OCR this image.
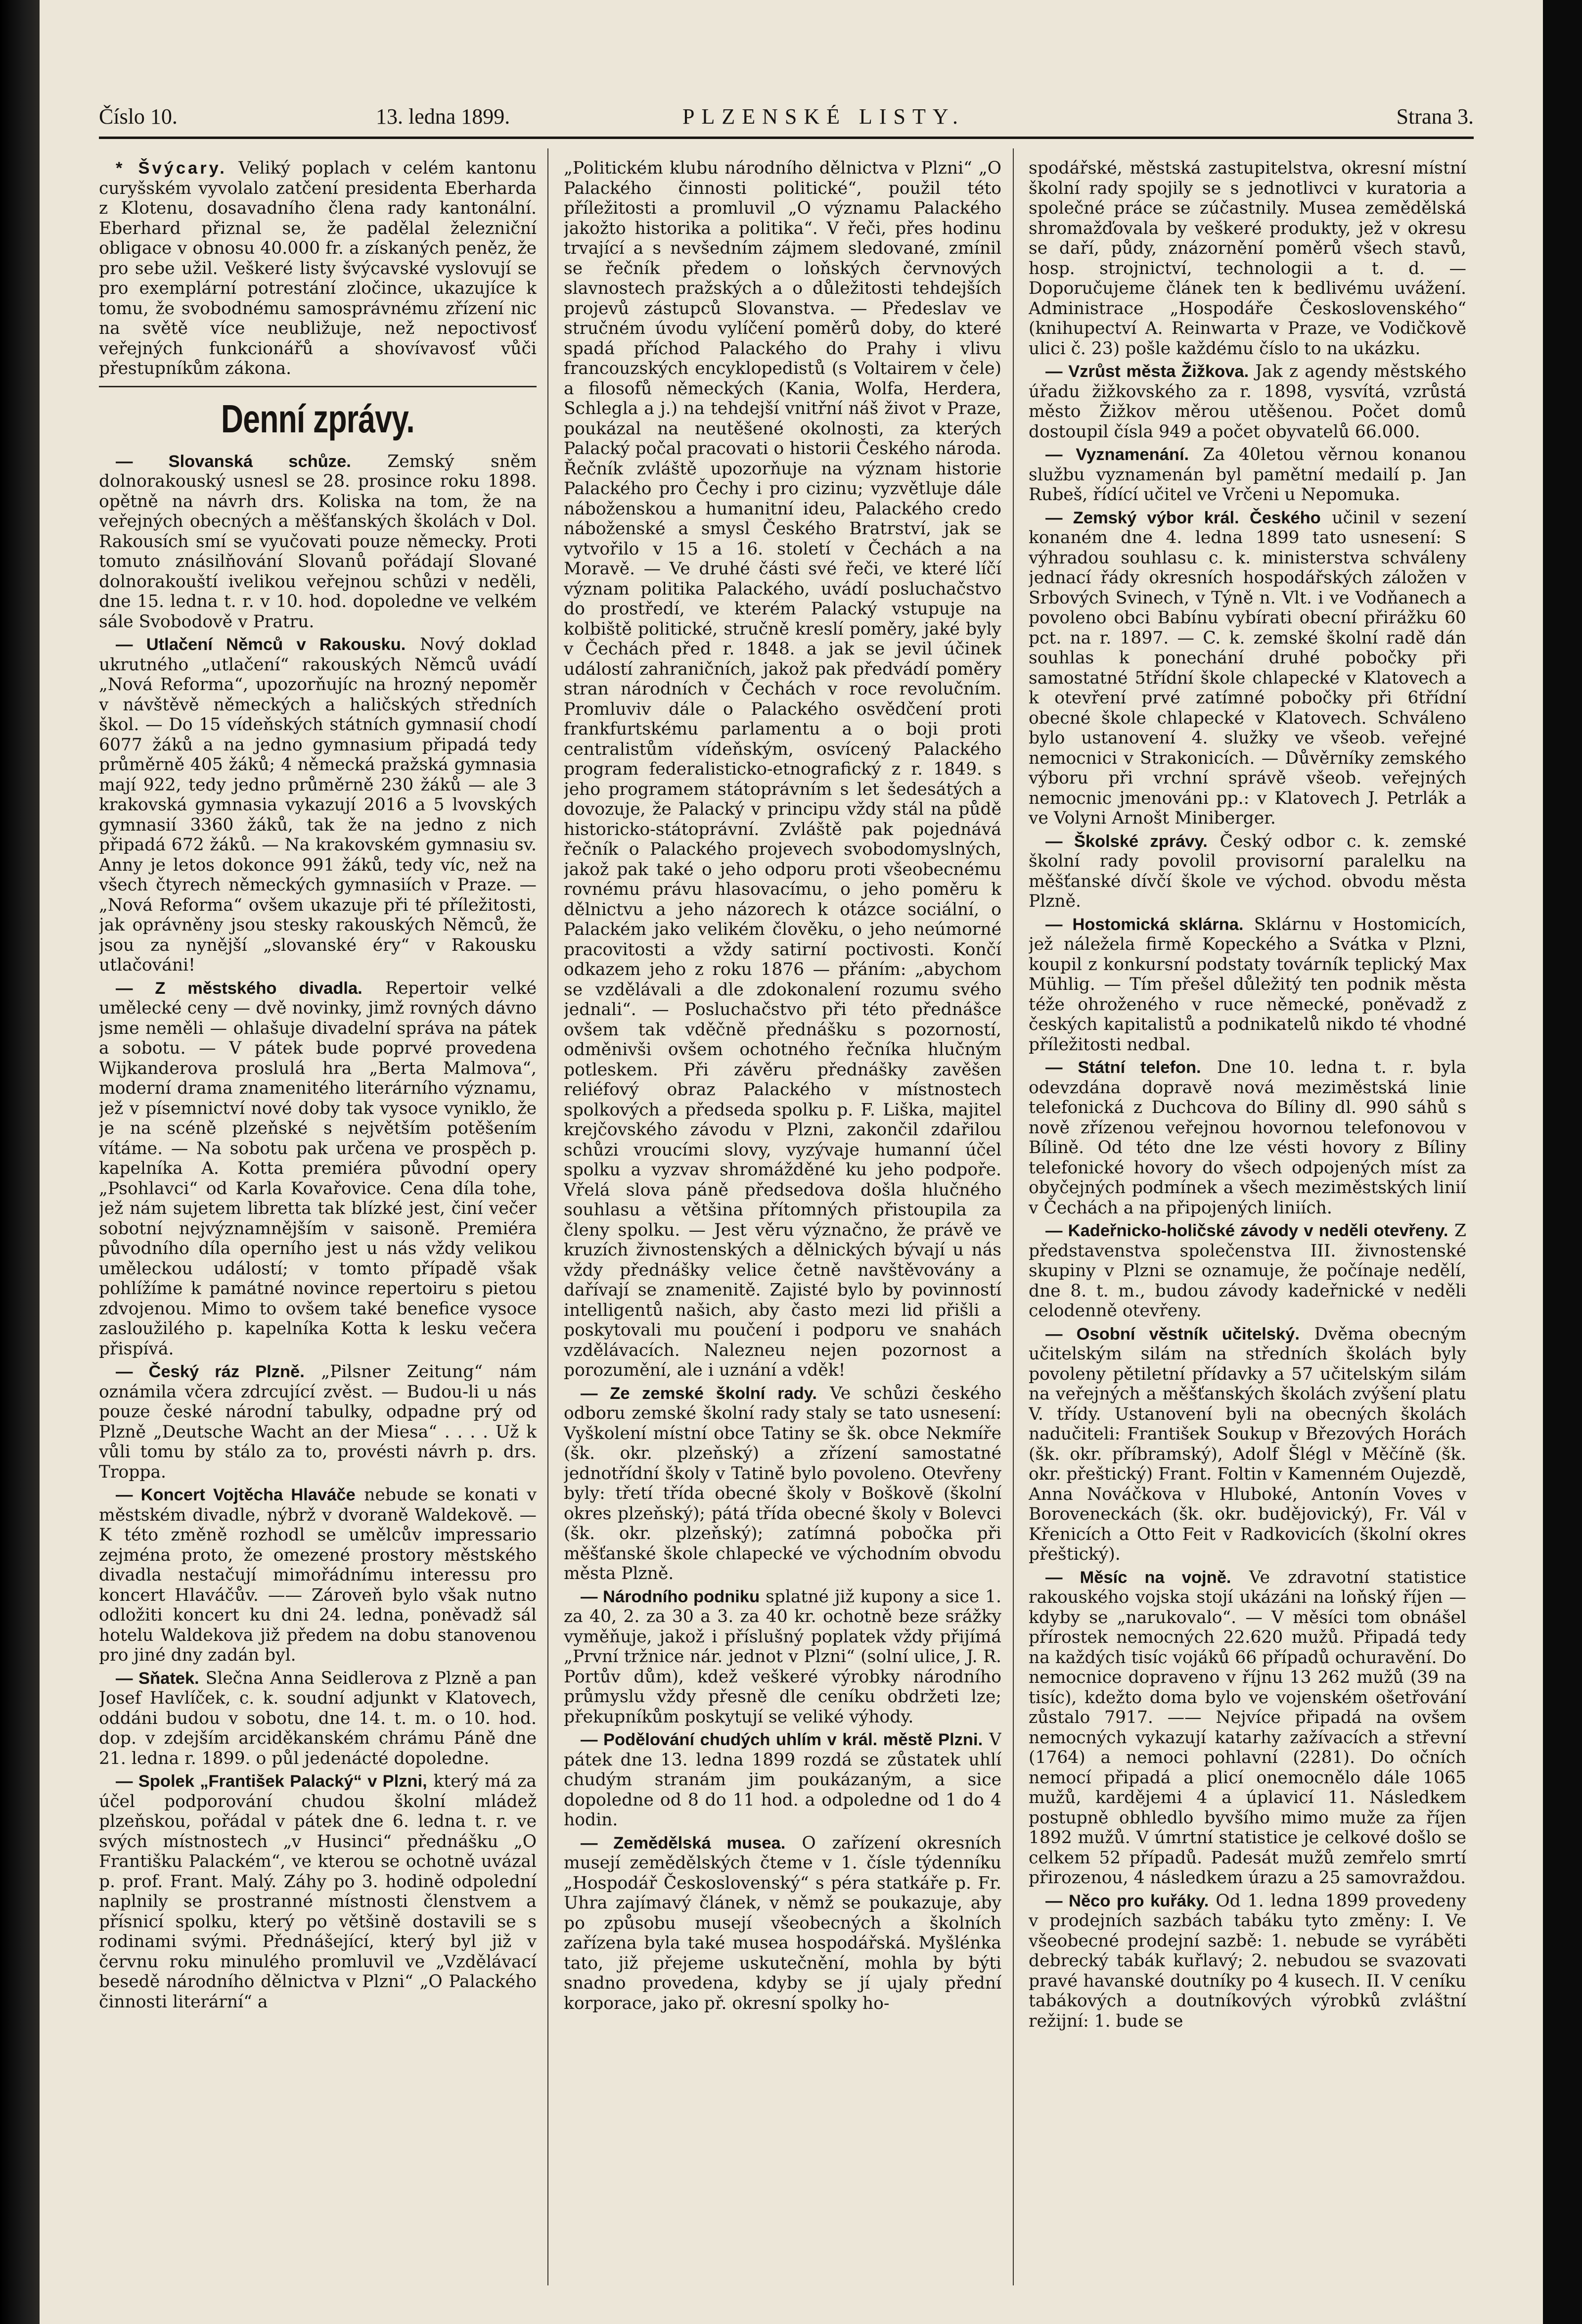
Číslo 10.	13. ledna 1899.	PLZENSKÉ LISTY.	Strana 3.

* Švýcary. Veliký poplach v celém kantonu curyšském vyvolalo zatčení presidenta Eberharda z Klotenu, dosavadního člena rady kantonální. Eberhard přiznal se, že padělal železniční obligace v obnosu 40.000 fr. a získaných peněz, že pro sebe užil. Veškeré listy švýcavské vyslovují se pro exemplární potrestání zločince, ukazujíce k tomu, že svobodnému samosprávnému zřízení nic na světě více neubližuje, než nepoctivosť veřejných funkcionářů a shovívavosť vůči přestupníkům zákona.

Denní zprávy.

— Slovanská schůze. Zemský sněm dolnorakouský usnesl se 28. prosince roku 1898. opětně na návrh drs. Koliska na tom, že na veřejných obecných a měšťanských školách v Dol. Rakousích smí se vyučovati pouze německy. Proti tomuto znásilňování Slovanů pořádají Slované dolnorakouští ivelikou veřejnou schůzi v neděli, dne 15. ledna t. r. v 10. hod. dopoledne ve velkém sále Svobodově v Pratru.

— Utlačení Němců v Rakousku. Nový doklad ukrutného „utlačení“ rakouských Němců uvádí „Nová Reforma“, upozorňujíc na hrozný nepoměr v návštěvě německých a haličských středních škol. — Do 15 vídeňských státních gymnasií chodí 6077 žáků a na jedno gymnasium připadá tedy průměrně 405 žáků; 4 německá pražská gymnasia mají 922, tedy jedno průměrně 230 žáků — ale 3 krakovská gymnasia vykazují 2016 a 5 lvovských gymnasií 3360 žáků, tak že na jedno z nich připadá 672 žáků. — Na krakovském gymnasiu sv. Anny je letos dokonce 991 žáků, tedy víc, než na všech čtyrech německých gymnasiích v Praze. — „Nová Reforma“ ovšem ukazuje při té příležitosti, jak oprávněny jsou stesky rakouských Němců, že jsou za nynější „slovanské éry“ v Rakousku utlačováni!

— Z městského divadla. Repertoir velké umělecké ceny — dvě novinky, jimž rovných dávno jsme neměli — ohlašuje divadelní správa na pátek a sobotu. — V pátek bude poprvé provedena Wijkanderova proslulá hra „Berta Malmova“, moderní drama znamenitého literárního významu, jež v písemnictví nové doby tak vysoce vyniklo, že je na scéně plzeňské s největším potěšením vítáme. — Na sobotu pak určena ve prospěch p. kapelníka A. Kotta premiéra původní opery „Psohlavci“ od Karla Kovařovice. Cena díla tohe, jež nám sujetem libretta tak blízké jest, činí večer sobotní nejvýznamnějším v saisoně. Premiéra původního díla operního jest u nás vždy velikou uměleckou událostí; v tomto případě však pohlížíme k památné novince repertoiru s pietou zdvojenou. Mimo to ovšem také benefice vysoce zasloužilého p. kapelníka Kotta k lesku večera přispívá.

— Český ráz Plzně. „Pilsner Zeitung“ nám oznámila včera zdrcující zvěst. — Budou-li u nás pouze české národní tabulky, odpadne prý od Plzně „Deutsche Wacht an der Miesa“ . . . . Už k vůli tomu by stálo za to, provésti návrh p. drs. Troppa.

— Koncert Vojtěcha Hlaváče nebude se konati v městském divadle, nýbrž v dvoraně Waldekově. — K této změně rozhodl se umělcův impressario zejména proto, že omezené prostory městského divadla nestačují mimořádnímu interessu pro koncert Hlaváčův. —— Zároveň bylo však nutno odložiti koncert ku dni 24. ledna, poněvadž sál hotelu Waldekova již předem na dobu stanovenou pro jiné dny zadán byl.

— Sňatek. Slečna Anna Seidlerova z Plzně a pan Josef Havlíček, c. k. soudní adjunkt v Klatovech, oddáni budou v sobotu, dne 14. t. m. o 10. hod. dop. v zdejším arciděkanském chrámu Páně dne 21. ledna r. 1899. o půl jedenácté dopoledne.

— Spolek „František Palacký“ v Plzni, který má za účel podporování chudou školní mládež plzeňskou, pořádal v pátek dne 6. ledna t. r. ve svých místnostech „v Husinci“ přednášku „O Františku Palackém“, ve kterou se ochotně uvázal p. prof. Frant. Malý. Záhy po 3. hodině odpolední naplnily se prostranné místnosti členstvem a přísnicí spolku, který po většině dostavili se s rodinami svými. Přednášející, který byl již v červnu roku minulého promluvil ve „Vzdělávací besedě národního dělnictva v Plzni“ „O Palackého činnosti literární“ a

„Politickém klubu národního dělnictva v Plzni“ „O Palackého činnosti politické“, použil této příležitosti a promluvil „O významu Palackého jakožto historika a politika“. V řeči, přes hodinu trvající a s nevšedním zájmem sledované, zmínil se řečník předem o loňských červnových slavnostech pražských a o důležitosti tehdejších projevů zástupců Slovanstva. — Předeslav ve stručném úvodu vylíčení poměrů doby, do které spadá příchod Palackého do Prahy i vlivu francouzských encyklopedistů (s Voltairem v čele) a filosofů německých (Kania, Wolfa, Herdera, Schlegla a j.) na tehdejší vnitřní náš život v Praze, poukázal na neutěšené okolnosti, za kterých Palacký počal pracovati o historii Českého národa. Řečník zvláště upozorňuje na význam historie Palackého pro Čechy i pro cizinu; vyzvětluje dále náboženskou a humanitní ideu, Palackého credo náboženské a smysl Českého Bratrství, jak se vytvořilo v 15 a 16. století v Čechách a na Moravě. — Ve druhé části své řeči, ve které líčí význam politika Palackého, uvádí posluchačstvo do prostředí, ve kterém Palacký vstupuje na kolbiště politické, stručně kreslí poměry, jaké byly v Čechách před r. 1848. a jak se jevil účinek událostí zahraničních, jakož pak předvádí poměry stran národních v Čechách v roce revolučním. Promluviv dále o Palackého osvědčení proti frankfurtskému parlamentu a o boji proti centralistům vídeňským, osvícený Palackého program federalisticko-etnografický z r. 1849. s jeho programem státoprávním s let šedesátých a dovozuje, že Palacký v principu vždy stál na půdě historicko-státoprávní. Zvláště pak pojednává řečník o Palackého projevech svobodomyslných, jakož pak také o jeho odporu proti všeobecnému rovnému právu hlasovacímu, o jeho poměru k dělnictvu a jeho názorech k otázce sociální, o Palackém jako velikém člověku, o jeho neúmorné pracovitosti a vždy satirní poctivosti. Končí odkazem jeho z roku 1876 — přáním: „abychom se vzdělávali a dle zdokonalení rozumu svého jednali“. — Posluchačstvo při této přednášce ovšem tak vděčně přednášku s pozorností, odměnivši ovšem ochotného řečníka hlučným potleskem. Při závěru přednášky zavěšen reliéfový obraz Palackého v místnostech spolkových a předseda spolku p. F. Liška, majitel krejčovského závodu v Plzni, zakončil zdařilou schůzi vroucími slovy, vyzývaje humanní účel spolku a vyzvav shromážděné ku jeho podpoře. Vřelá slova páně předsedova došla hlučného souhlasu a většina přítomných přistoupila za členy spolku. — Jest věru význačno, že právě ve kruzích živnostenských a dělnických bývají u nás vždy přednášky velice četně navštěvovány a dařívají se znamenitě. Zajisté bylo by povinností intelligentů našich, aby často mezi lid přišli a poskytovali mu poučení i podporu ve snahách vzdělávacích. Nalezneu nejen pozornost a porozumění, ale i uznání a vděk!

— Ze zemské školní rady. Ve schůzi českého odboru zemské školní rady staly se tato usnesení: Vyškolení místní obce Tatiny se šk. obce Nekmíře (šk. okr. plzeňský) a zřízení samostatné jednotřídní školy v Tatině bylo povoleno. Otevřeny byly: třetí třída obecné školy v Boškově (školní okres plzeňský); pátá třída obecné školy v Bolevci (šk. okr. plzeňský); zatímná pobočka při měšťanské škole chlapecké ve východním obvodu města Plzně.

— Národního podniku splatné již kupony a sice 1. za 40, 2. za 30 a 3. za 40 kr. ochotně beze srážky vyměňuje, jakož i příslušný poplatek vždy přijímá „První tržnice nár. jednot v Plzni“ (solní ulice, J. R. Portův dům), kdež veškeré výrobky národního průmyslu vždy přesně dle ceníku obdržeti lze; překupníkům poskytují se veliké výhody.

— Podělování chudých uhlím v král. městě Plzni. V pátek dne 13. ledna 1899 rozdá se zůstatek uhlí chudým stranám jim poukázaným, a sice dopoledne od 8 do 11 hod. a odpoledne od 1 do 4 hodin.

— Zemědělská musea. O zařízení okresních musejí zemědělských čteme v 1. čísle týdenníku „Hospodář Československý“ s péra statkáře p. Fr. Uhra zajímavý článek, v němž se poukazuje, aby po způsobu musejí všeobecných a školních zařízena byla také musea hospodářská. Myšlénka tato, již přejeme uskutečnění, mohla by býti snadno provedena, kdyby se jí ujaly přední korporace, jako př. okresní spolky ho-

spodářské, městská zastupitelstva, okresní místní školní rady spojily se s jednotlivci v kuratoria a společné práce se zúčastnily. Musea zemědělská shromažďovala by veškeré produkty, jež v okresu se daří, půdy, znázornění poměrů všech stavů, hosp. strojnictví, technologii a t. d. — Doporučujeme článek ten k bedlivému uvážení. Administrace „Hospodáře Československého“ (knihupectví A. Reinwarta v Praze, ve Vodičkově ulici č. 23) pošle každému číslo to na ukázku.

— Vzrůst města Žižkova. Jak z agendy městského úřadu žižkovského za r. 1898, vysvítá, vzrůstá město Žižkov měrou utěšenou. Počet domů dostoupil čísla 949 a počet obyvatelů 66.000.

— Vyznamenání. Za 40letou věrnou konanou službu vyznamenán byl pamětní medailí p. Jan Rubeš, řídící učitel ve Vrčeni u Nepomuka.

— Zemský výbor král. Českého učinil v sezení konaném dne 4. ledna 1899 tato usnesení: S výhradou souhlasu c. k. ministerstva schváleny jednací řády okresních hospodářských záložen v Srbových Svinech, v Týně n. Vlt. i ve Vodňanech a povoleno obci Babínu vybírati obecní přirážku 60 pct. na r. 1897. — C. k. zemské školní radě dán souhlas k ponechání druhé pobočky při samostatné 5třídní škole chlapecké v Klatovech a k otevření prvé zatímné pobočky při 6třídní obecné škole chlapecké v Klatovech. Schváleno bylo ustanovení 4. služky ve všeob. veřejné nemocnici v Strakonicích. — Důvěrníky zemského výboru při vrchní správě všeob. veřejných nemocnic jmenováni pp.: v Klatovech J. Petrlák a ve Volyni Arnošt Miniberger.

— Školské zprávy. Český odbor c. k. zemské školní rady povolil provisorní paralelku na měšťanské dívčí škole ve východ. obvodu města Plzně.

— Hostomická sklárna. Sklárnu v Hostomicích, jež náleželа firmě Kopeckého a Svátka v Plzni, koupil z konkursní podstaty továrník teplický Max Mühlig. — Tím přešel důležitý ten podnik města téže ohroženého v ruce německé, poněvadž z českých kapitalistů a podnikatelů nikdo té vhodné příležitosti nedbal.

— Státní telefon. Dne 10. ledna t. r. byla odevzdána dopravě nová meziměstská linie telefonická z Duchcova do Bíliny dl. 990 sáhů s nově zřízenou veřejnou hovornou telefonovou v Bílině. Od této dne lze vésti hovory z Bíliny telefonické hovory do všech odpojených míst za obyčejných podmínek a všech meziměstských linií v Čechách a na připojených liniích.

— Kadeřnicko-holičské závody v neděli otevřeny. Z představenstva společenstva III. živnostenské skupiny v Plzni se oznamuje, že počínaje nedělí, dne 8. t. m., budou závody kadeřnické v neděli celodenně otevřeny.

— Osobní věstník učitelský. Dvěma obecným učitelským silám na středních školách byly povoleny pětiletní přídavky a 57 učitelským silám na veřejných a měšťanských školách zvýšení platu V. třídy. Ustanovení byli na obecných školách nadučiteli: František Soukup v Březových Horách (šk. okr. příbramský), Adolf Šlégl v Měčíně (šk. okr. přeštický) Frant. Foltin v Kamenném Oujezdě, Anna Nováčkova v Hluboké, Antonín Voves v Boroveneckách (šk. okr. budějovický), Fr. Vál v Křenicích a Otto Feit v Radkovicích (školní okres přeštický).

— Měsíc na vojně. Ve zdravotní statistice rakouského vojska stojí ukázáni na loňský říjen — kdyby se „narukovalo“. — V měsíci tom obnášel přírostek nemocných 22.620 mužů. Připadá tedy na každých tisíc vojáků 66 případů ochuravění. Do nemocnice dopraveno v říjnu 13 262 mužů (39 na tisíc), kdežto doma bylo ve vojenském ošetřování zůstalo 7917. —— Nejvíce připadá na ovšem nemocných vykazují katarhy zažívacích a střevní (1764) a nemoci pohlavní (2281). Do očních nemocí připadá a plicí onemocnělo dále 1065 mužů, kardějemi 4 a úplavicí 11. Následkem postupně obhledlo byvšího mimo muže za říjen 1892 mužů. V úmrtní statistice je celkové došlo se celkem 52 případů. Padesát mužů zemřelo smrtí přirozenou, 4 následkem úrazu a 25 samovraždou.

— Něco pro kuřáky. Od 1. ledna 1899 provedeny v prodejních sazbách tabáku tyto změny: I. Ve všeobecné prodejní sazbě: 1. nebude se vyráběti debrecký tabák kuřlavý; 2. nebudou se svazovati pravé havanské doutníky po 4 kusech. II. V ceníku tabákových a doutníkových výrobků zvláštní režijní: 1. bude se
